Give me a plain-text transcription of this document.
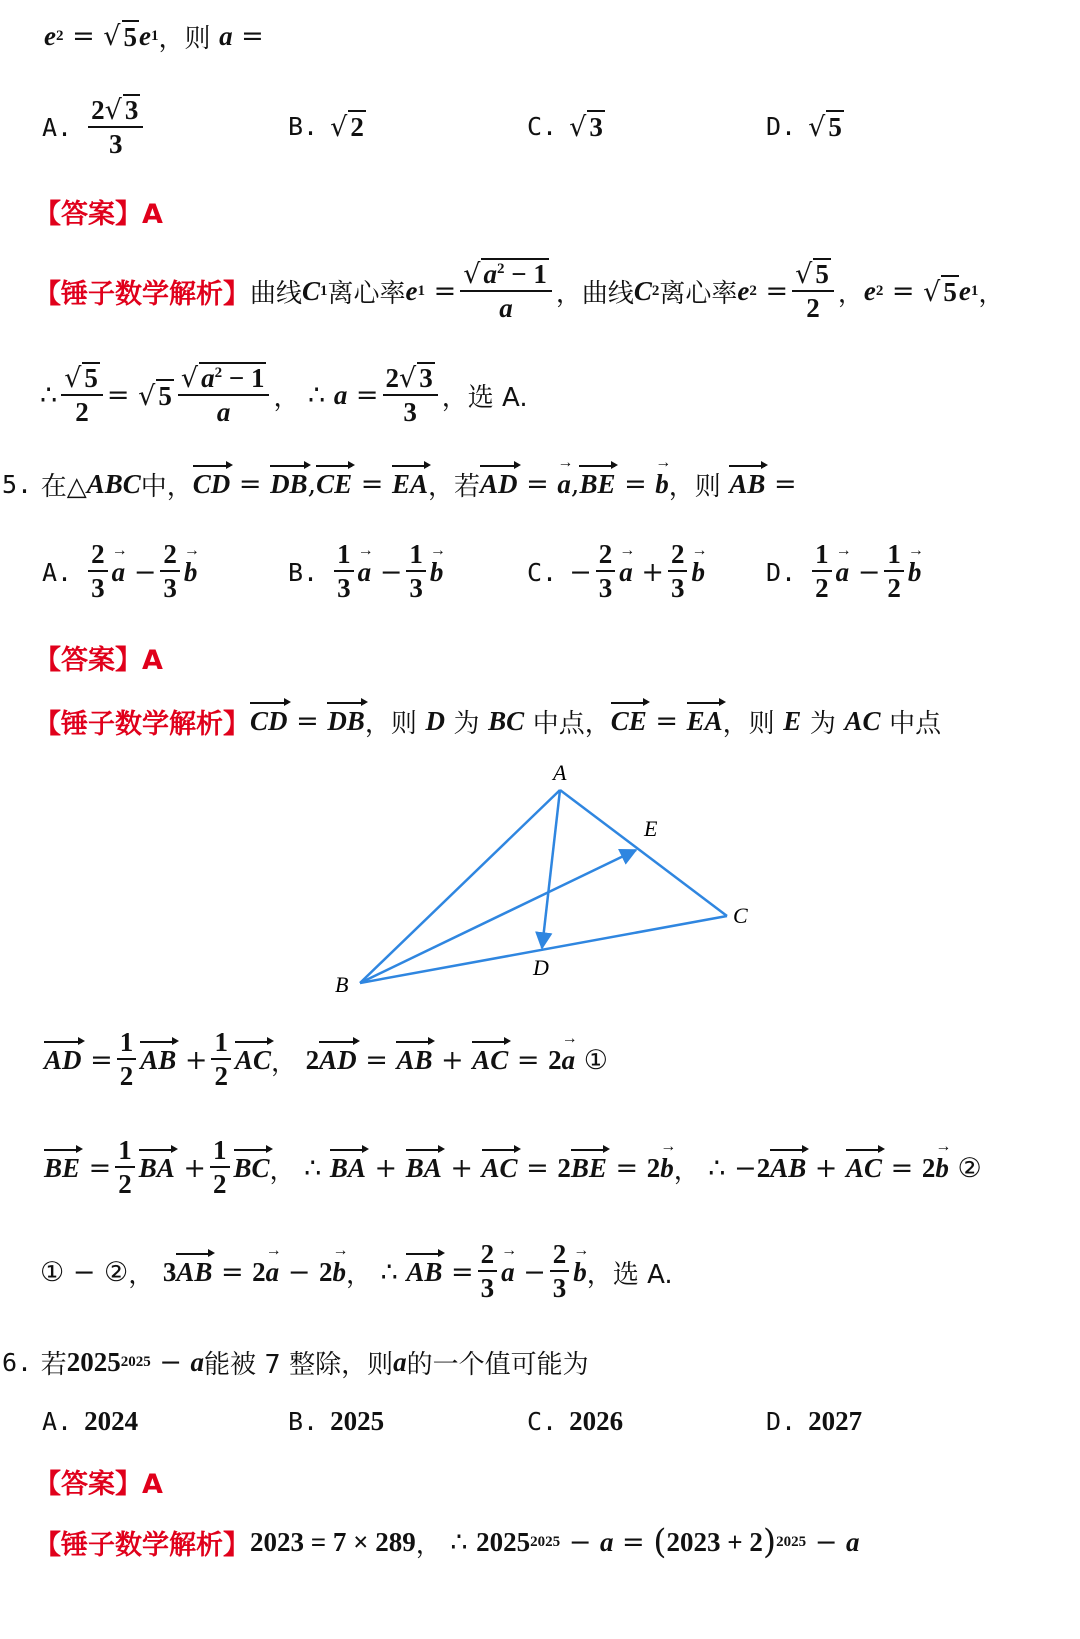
e 2 = √ 5 e 1 ，则
a =
A. $\frac{2√ 3}{3}$	B. √ 2	C. √ 3	D. √ 5
【答案】A
【锤子数学解析】 曲线 C 1 离心率 e $1 = \frac{√ a^2 - 1}{a}$ ， 曲线 C 2 离心率 e $2 = \frac{√ 5}{2}$ ， e 2 = √ 5 e 1 ，
∴ $\frac{√ 5}{2}$ = √ $5 \frac{√ a^2 - 1}{a}$ ， ∴ $a = \frac{2√ 3}{3}$ ， 选 A.
5.
在△ ABC 中， CD = DB , CE = EA ，若 AD =
→ a , BE =
→ b ，则
AB =
A. $\frac{2}{3}$
→ $a - \frac{2}{3}$
→ b	B. $\frac{1}{3}$
→ $a - \frac{1}{3}$
→ b	C. − $\frac{2}{3}$
→ $a + \frac{2}{3}$
→ b D. $\frac{1}{2}$
→ $a - \frac{1}{2}$
→ b
【答案】A
【锤子数学解析】 CD = DB ，则
D
为
BC
中点， CE = EA ，则
E
为
AC
中点
A
E
C
D
B
AD = $\frac{1}{2}$ AB + $\frac{1}{2}$ AC ，
2 AD = AB + AC = 2
→ a
①
BE = $\frac{1}{2}$ BA + $\frac{1}{2}$ BC ， ∴ BA + BA + AC = 2 BE = 2
→ b ， ∴ − 2 AB + AC = 2
→ b
②
① − ② ，
3 AB = 2
→ a − 2
→ b ， ∴ AB = $\frac{2}{3}$
→ $a - \frac{2}{3}$
→ b ， 选 A.
6.
若 2025 2025 − a 能被 7 整除，则 a 的一个值可能为
A. 2024	B. 2025	C. 2026	D. 2027
【答案】A
【锤子数学解析】 2023 = 7 × 289 ， ∴ 2025 2025 − a = ( 2023 + 2 ) 2025 − a
